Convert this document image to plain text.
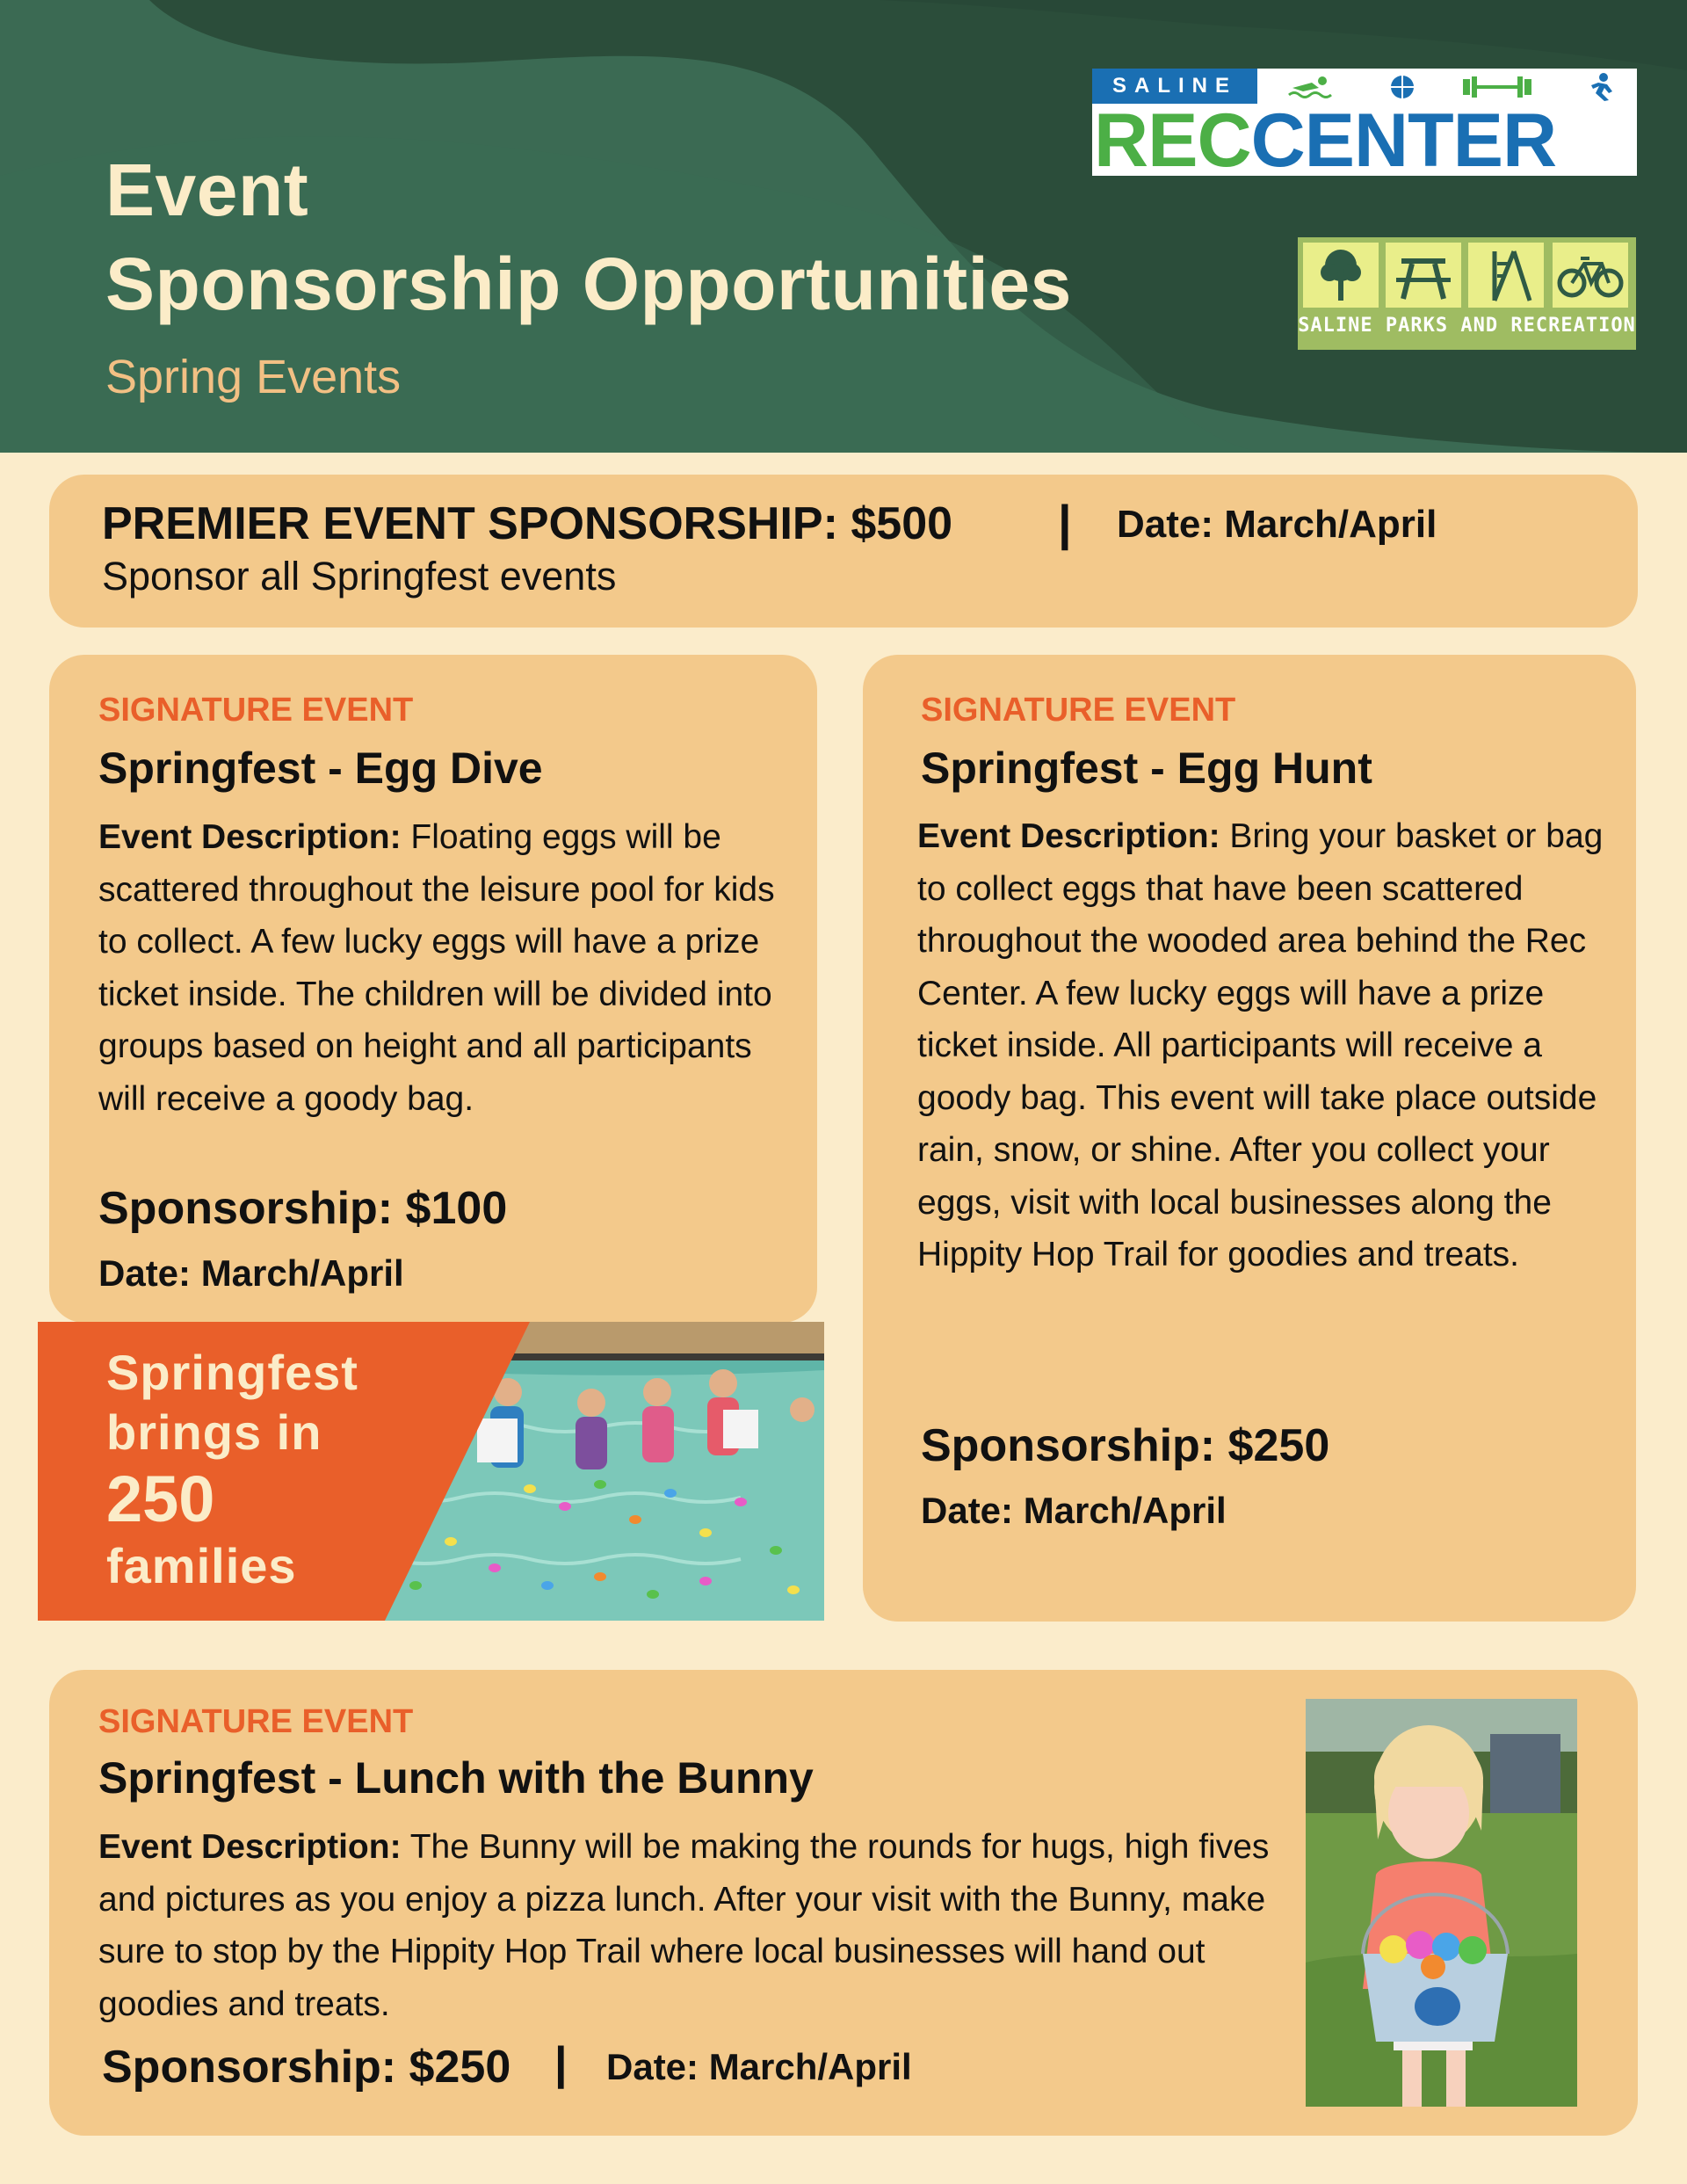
Event
Sponsorship Opportunities
Spring Events
SALINE
RECCENTER
SALINE PARKS AND RECREATION
PREMIER EVENT SPONSORSHIP: $500 | Date: March/April
Sponsor all Springfest events
SIGNATURE EVENT
Springfest - Egg Dive
Event Description: Floating eggs will be scattered throughout the leisure pool for kids to collect. A few lucky eggs will have a prize ticket inside. The children will be divided into groups based on height and all participants will receive a goody bag.
Sponsorship: $100
Date: March/April
SIGNATURE EVENT
Springfest - Egg Hunt
Event Description: Bring your basket or bag to collect eggs that have been scattered throughout the wooded area behind the Rec Center. A few lucky eggs will have a prize ticket inside. All participants will receive a goody bag. This event will take place outside rain, snow, or shine. After you collect your eggs, visit with local businesses along the Hippity Hop Trail for goodies and treats.
Sponsorship: $250
Date: March/April
Springfest
brings in
250
families
SIGNATURE EVENT
Springfest - Lunch with the Bunny
Event Description: The Bunny will be making the rounds for hugs, high fives and pictures as you enjoy a pizza lunch. After your visit with the Bunny, make sure to stop by the Hippity Hop Trail where local businesses will hand out goodies and treats.
Sponsorship: $250 | Date: March/April
